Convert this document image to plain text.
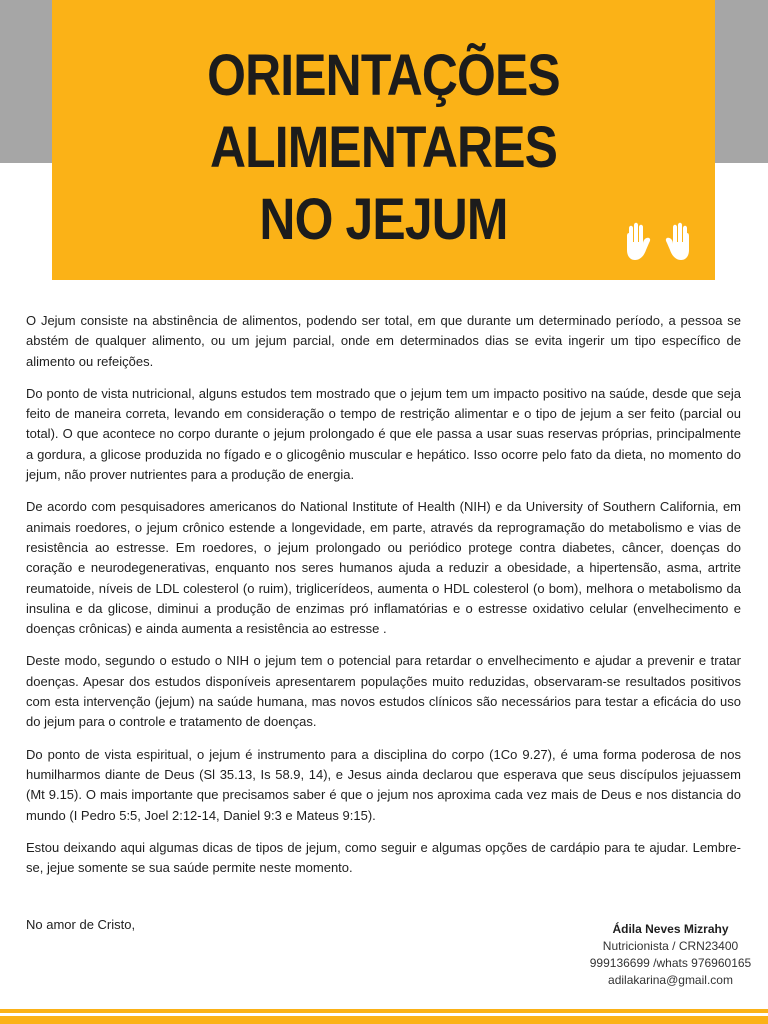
ORIENTAÇÕES
ALIMENTARES
NO JEJUM

O Jejum consiste na abstinência de alimentos, podendo ser total, em que durante um determinado período, a pessoa se abstém de qualquer alimento, ou um jejum parcial, onde em determinados dias se evita ingerir um tipo específico de alimento ou refeições.

Do ponto de vista nutricional, alguns estudos tem mostrado que o jejum tem um impacto positivo na saúde, desde que seja feito de maneira correta, levando em consideração o tempo de restrição alimentar e o tipo de jejum a ser feito (parcial ou total). O que acontece no corpo durante o jejum prolongado é que ele passa a usar suas reservas próprias, principalmente a gordura, a glicose produzida no fígado e o glicogênio muscular e hepático. Isso ocorre pelo fato da dieta, no momento do jejum, não prover nutrientes para a produção de energia.

De acordo com pesquisadores americanos do National Institute of Health (NIH) e da University of Southern California, em animais roedores, o jejum crônico estende a longevidade, em parte, através da reprogramação do metabolismo e vias de resistência ao estresse. Em roedores, o jejum prolongado ou periódico protege contra diabetes, câncer, doenças do coração e neurodegenerativas, enquanto nos seres humanos ajuda a reduzir a obesidade, a hipertensão, asma, artrite reumatoide, níveis de LDL colesterol (o ruim), triglicerídeos, aumenta o HDL colesterol (o bom), melhora o metabolismo da insulina e da glicose, diminui a produção de enzimas pró inflamatórias e o estresse oxidativo celular (envelhecimento e doenças crônicas) e ainda aumenta a resistência ao estresse .

Deste modo, segundo o estudo o NIH o jejum tem o potencial para retardar o envelhecimento e ajudar a prevenir e tratar doenças. Apesar dos estudos disponíveis apresentarem populações muito reduzidas, observaram-se resultados positivos com esta intervenção (jejum) na saúde humana, mas novos estudos clínicos são necessários para testar a eficácia do uso do jejum para o controle e tratamento de doenças.

Do ponto de vista espiritual, o jejum é instrumento para a disciplina do corpo (1Co 9.27), é uma forma poderosa de nos humilharmos diante de Deus (Sl 35.13, Is 58.9, 14), e Jesus ainda declarou que esperava que seus discípulos jejuassem (Mt 9.15). O mais importante que precisamos saber é que o jejum nos aproxima cada vez mais de Deus e nos distancia do mundo (I Pedro 5:5, Joel 2:12-14, Daniel 9:3 e Mateus 9:15).

Estou deixando aqui algumas dicas de tipos de jejum, como seguir e algumas opções de cardápio para te ajudar. Lembre-se, jejue somente se sua saúde permite neste momento.

No amor de Cristo,	Ádila Neves Mizrahy
Nutricionista / CRN23400
999136699 /whats 976960165
adilakarina@gmail.com
